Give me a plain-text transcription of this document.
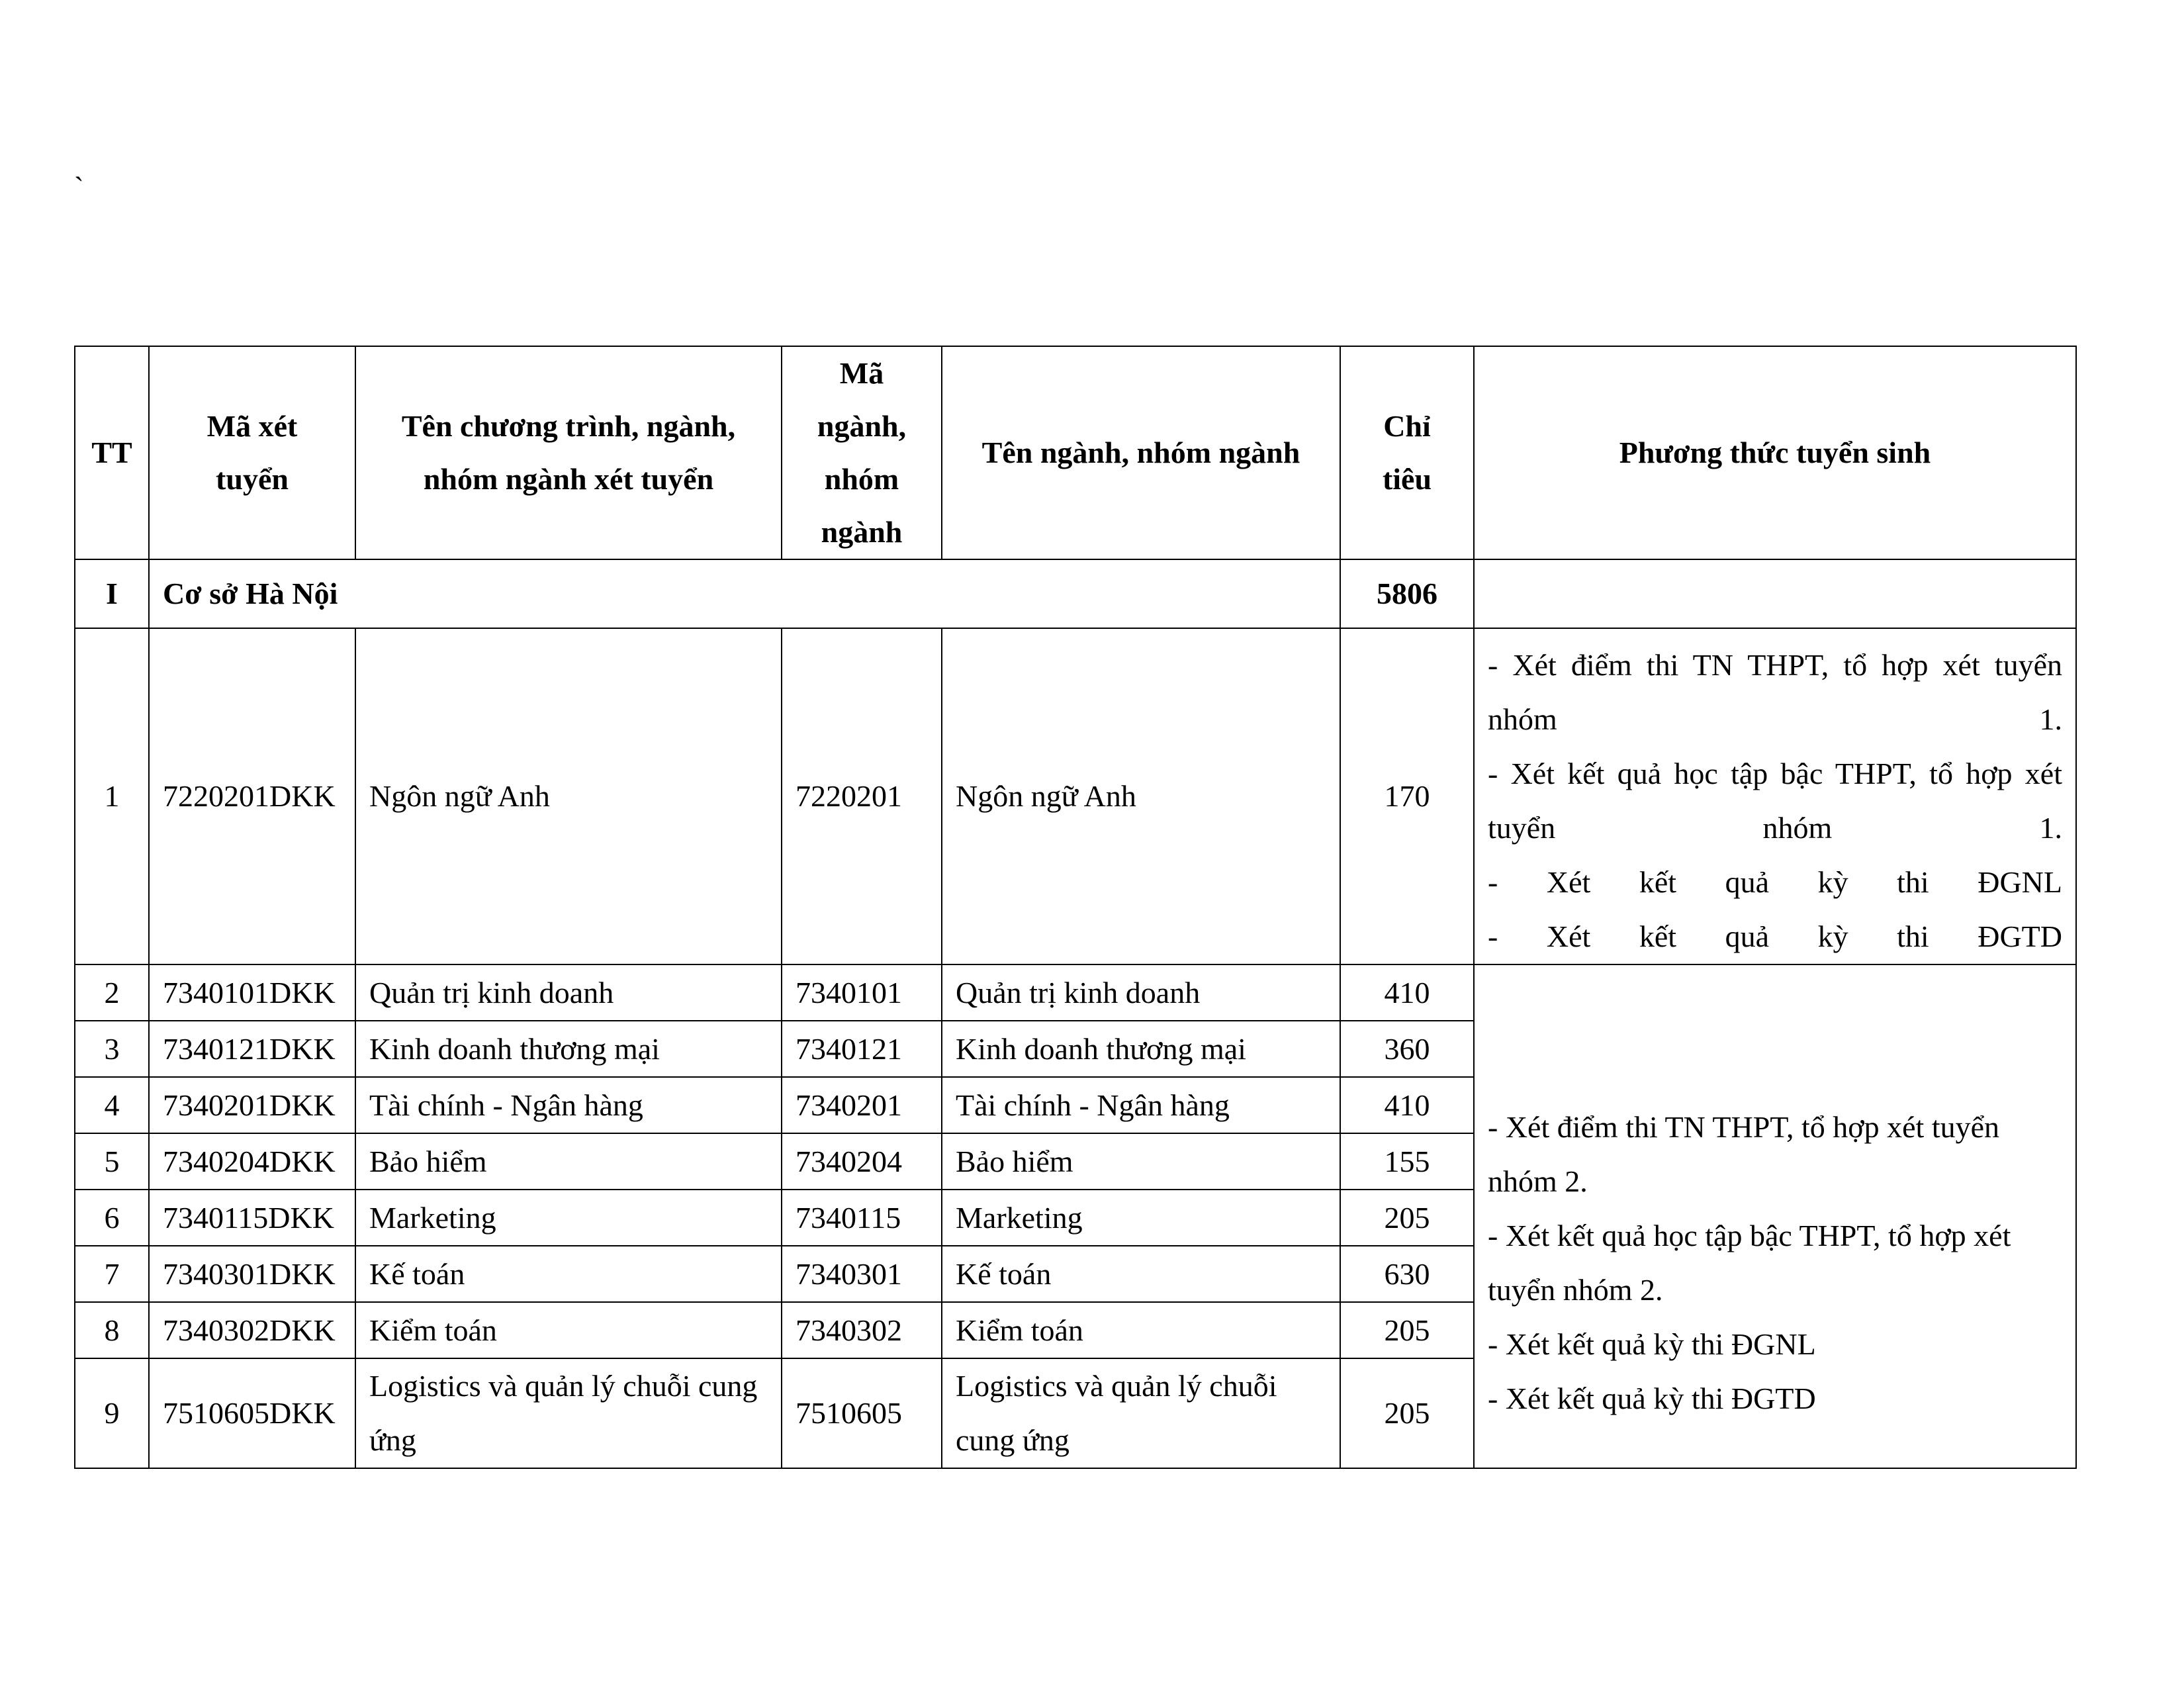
`
TT	Mã xét tuyển	Tên chương trình, ngành, nhóm ngành xét tuyển	Mã ngành, nhóm ngành	Tên ngành, nhóm ngành	Chỉ tiêu	Phương thức tuyển sinh
I	Cơ sở Hà Nội				5806	
1	7220201DKK	Ngôn ngữ Anh	7220201	Ngôn ngữ Anh	170	- Xét điểm thi TN THPT, tổ hợp xét tuyển nhóm 1.
- Xét kết quả học tập bậc THPT, tổ hợp xét tuyển nhóm 1.
- Xét kết quả kỳ thi ĐGNL
- Xét kết quả kỳ thi ĐGTD

2	7340101DKK	Quản trị kinh doanh	7340101	Quản trị kinh doanh	410	- Xét điểm thi TN THPT, tổ hợp xét tuyển nhóm 2.
- Xét kết quả học tập bậc THPT, tổ hợp xét tuyển nhóm 2.
- Xét kết quả kỳ thi ĐGNL
- Xét kết quả kỳ thi ĐGTD

3	7340121DKK	Kinh doanh thương mại	7340121	Kinh doanh thương mại	360	
4	7340201DKK	Tài chính - Ngân hàng	7340201	Tài chính - Ngân hàng	410	
5	7340204DKK	Bảo hiểm	7340204	Bảo hiểm	155	
6	7340115DKK	Marketing	7340115	Marketing	205	
7	7340301DKK	Kế toán	7340301	Kế toán	630	
8	7340302DKK	Kiểm toán	7340302	Kiểm toán	205	
9	7510605DKK	Logistics và quản lý chuỗi cung ứng	7510605	Logistics và quản lý chuỗi cung ứng	205	
